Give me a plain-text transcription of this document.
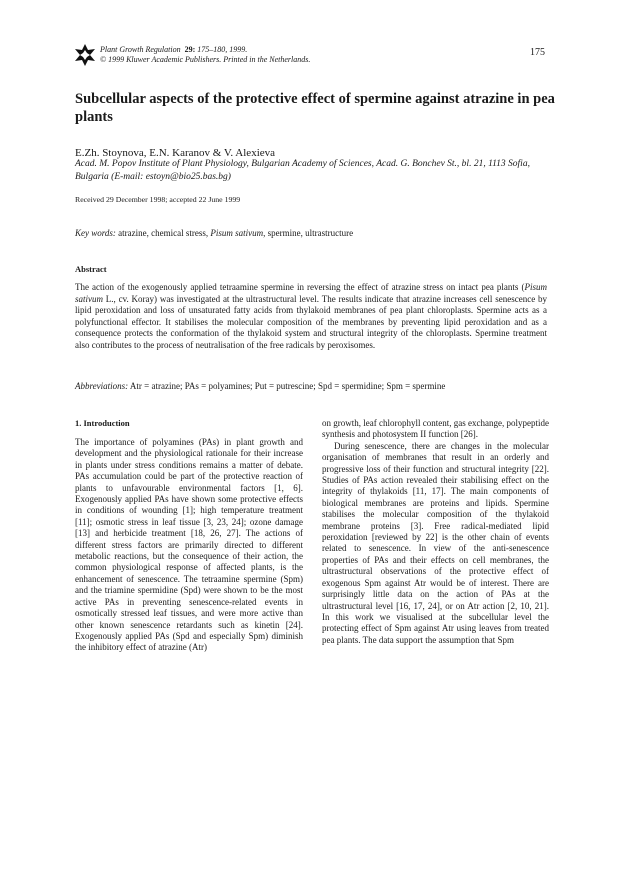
Plant Growth Regulation 29: 175–180, 1999.
© 1999 Kluwer Academic Publishers. Printed in the Netherlands.
175
Subcellular aspects of the protective effect of spermine against atrazine in pea plants
E.Zh. Stoynova, E.N. Karanov & V. Alexieva
Acad. M. Popov Institute of Plant Physiology, Bulgarian Academy of Sciences, Acad. G. Bonchev St., bl. 21, 1113 Sofia, Bulgaria (E-mail: estoyn@bio25.bas.bg)
Received 29 December 1998; accepted 22 June 1999
Key words: atrazine, chemical stress, Pisum sativum, spermine, ultrastructure
Abstract

The action of the exogenously applied tetraamine spermine in reversing the effect of atrazine stress on intact pea plants (Pisum sativum L., cv. Koray) was investigated at the ultrastructural level. The results indicate that atrazine increases cell senescence by lipid peroxidation and loss of unsaturated fatty acids from thylakoid membranes of pea plant chloroplasts. Spermine acts as a polyfunctional effector. It stabilises the molecular composition of the membranes by preventing lipid peroxidation and as a consequence protects the conformation of the thylakoid system and structural integrity of the chloroplasts. Spermine treatment also contributes to the process of neutralisation of the free radicals by peroxisomes.

Abbreviations: Atr = atrazine; PAs = polyamines; Put = putrescine; Spd = spermidine; Spm = spermine
1. Introduction

The importance of polyamines (PAs) in plant growth and development and the physiological rationale for their increase in plants under stress conditions remains a matter of debate. PAs accumulation could be part of the protective reaction of plants to unfavourable environmental factors [1, 6]. Exogenously applied PAs have shown some protective effects in conditions of wounding [1]; high temperature treatment [11]; osmotic stress in leaf tissue [3, 23, 24]; ozone damage [13] and herbicide treatment [18, 26, 27]. The actions of different stress factors are primarily directed to different metabolic reactions, but the consequence of their action, the common physiological response of affected plants, is the enhancement of senescence. The tetraamine spermine (Spm) and the triamine spermidine (Spd) were shown to be the most active PAs in preventing senescence-related events in osmotically stressed leaf tissues, and were more active than other known senescence retardants such as kinetin [24]. Exogenously applied PAs (Spd and especially Spm) diminish the inhibitory effect of atrazine (Atr)

on growth, leaf chlorophyll content, gas exchange, polypeptide synthesis and photosystem II function [26].

During senescence, there are changes in the molecular organisation of membranes that result in an orderly and progressive loss of their function and structural integrity [22]. Studies of PAs action revealed their stabilising effect on the integrity of thylakoids [11, 17]. The main components of biological membranes are proteins and lipids. Spermine stabilises the molecular composition of the thylakoid membrane proteins [3]. Free radical-mediated lipid peroxidation [reviewed by 22] is the other chain of events related to senescence. In view of the anti-senescence properties of PAs and their effects on cell membranes, the ultrastructural observations of the protective effect of exogenous Spm against Atr would be of interest. There are surprisingly little data on the action of PAs at the ultrastructural level [16, 17, 24], or on Atr action [2, 10, 21]. In this work we visualised at the subcellular level the protecting effect of Spm against Atr using leaves from treated pea plants. The data support the assumption that Spm
